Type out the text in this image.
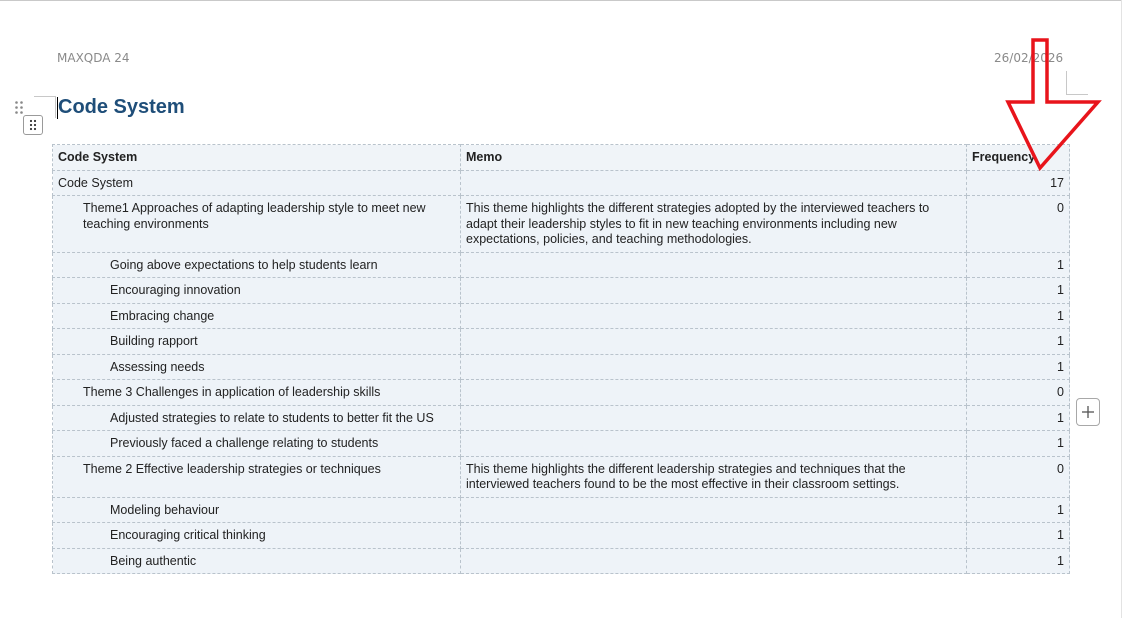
MAXQDA 24	26/02/2026
Code System
Code System	Memo	Frequency
Code System		17
Theme1 Approaches of adapting leadership style to meet new teaching environments	This theme highlights the different strategies adopted by the interviewed teachers to adapt their leadership styles to fit in new teaching environments including new expectations, policies, and teaching methodologies.	0
Going above expectations to help students learn		1
Encouraging innovation		1
Embracing change		1
Building rapport		1
Assessing needs		1
Theme 3 Challenges in application of leadership skills		0
Adjusted strategies to relate to students to better fit the US		1
Previously faced a challenge relating to students		1
Theme 2 Effective leadership strategies or techniques	This theme highlights the different leadership strategies and techniques that the interviewed teachers found to be the most effective in their classroom settings.	0
Modeling behaviour		1
Encouraging critical thinking		1
Being authentic		1
